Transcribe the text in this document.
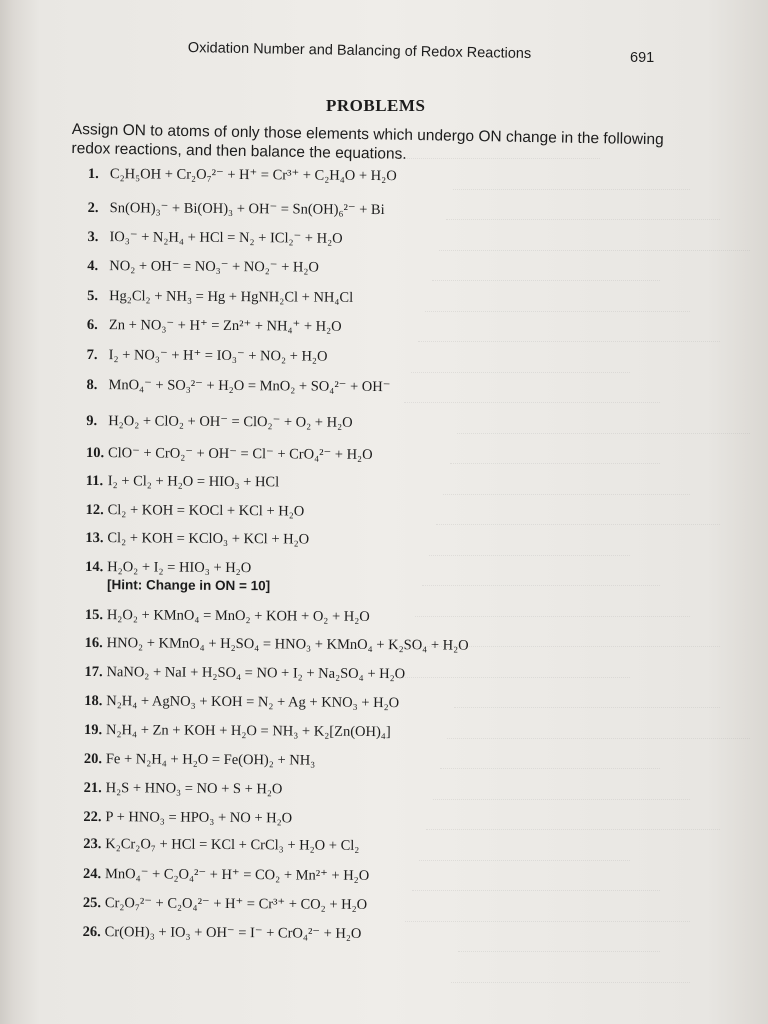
Oxidation Number and Balancing of Redox Reactions	691
PROBLEMS
Assign ON to atoms of only those elements which undergo ON change in the following redox reactions, and then balance the equations.
1. C₂H₅OH + Cr₂O₇²⁻ + H⁺ = Cr³⁺ + C₂H₄O + H₂O
2. Sn(OH)₃⁻ + Bi(OH)₃ + OH⁻ = Sn(OH)₆²⁻ + Bi
3. IO₃⁻ + N₂H₄ + HCl = N₂ + ICl₂⁻ + H₂O
4. NO₂ + OH⁻ = NO₃⁻ + NO₂⁻ + H₂O
5. Hg₂Cl₂ + NH₃ = Hg + HgNH₂Cl + NH₄Cl
6. Zn + NO₃⁻ + H⁺ = Zn²⁺ + NH₄⁺ + H₂O
7. I₂ + NO₃⁻ + H⁺ = IO₃⁻ + NO₂ + H₂O
8. MnO₄⁻ + SO₃²⁻ + H₂O = MnO₂ + SO₄²⁻ + OH⁻
9. H₂O₂ + ClO₂ + OH⁻ = ClO₂⁻ + O₂ + H₂O
10. ClO⁻ + CrO₂⁻ + OH⁻ = Cl⁻ + CrO₄²⁻ + H₂O
11. I₂ + Cl₂ + H₂O = HIO₃ + HCl
12. Cl₂ + KOH = KOCl + KCl + H₂O
13. Cl₂ + KOH = KClO₃ + KCl + H₂O
14. H₂O₂ + I₂ = HIO₃ + H₂O
[Hint: Change in ON = 10]
15. H₂O₂ + KMnO₄ = MnO₂ + KOH + O₂ + H₂O
16. HNO₂ + KMnO₄ + H₂SO₄ = HNO₃ + KMnO₄ + K₂SO₄ + H₂O
17. NaNO₂ + NaI + H₂SO₄ = NO + I₂ + Na₂SO₄ + H₂O
18. N₂H₄ + AgNO₃ + KOH = N₂ + Ag + KNO₃ + H₂O
19. N₂H₄ + Zn + KOH + H₂O = NH₃ + K₂[Zn(OH)₄]
20. Fe + N₂H₄ + H₂O = Fe(OH)₂ + NH₃
21. H₂S + HNO₃ = NO + S + H₂O
22. P + HNO₃ = HPO₃ + NO + H₂O
23. K₂Cr₂O₇ + HCl = KCl + CrCl₃ + H₂O + Cl₂
24. MnO₄⁻ + C₂O₄²⁻ + H⁺ = CO₂ + Mn²⁺ + H₂O
25. Cr₂O₇²⁻ + C₂O₄²⁻ + H⁺ = Cr³⁺ + CO₂ + H₂O
26. Cr(OH)₃ + IO₃ + OH⁻ = I⁻ + CrO₄²⁻ + H₂O
